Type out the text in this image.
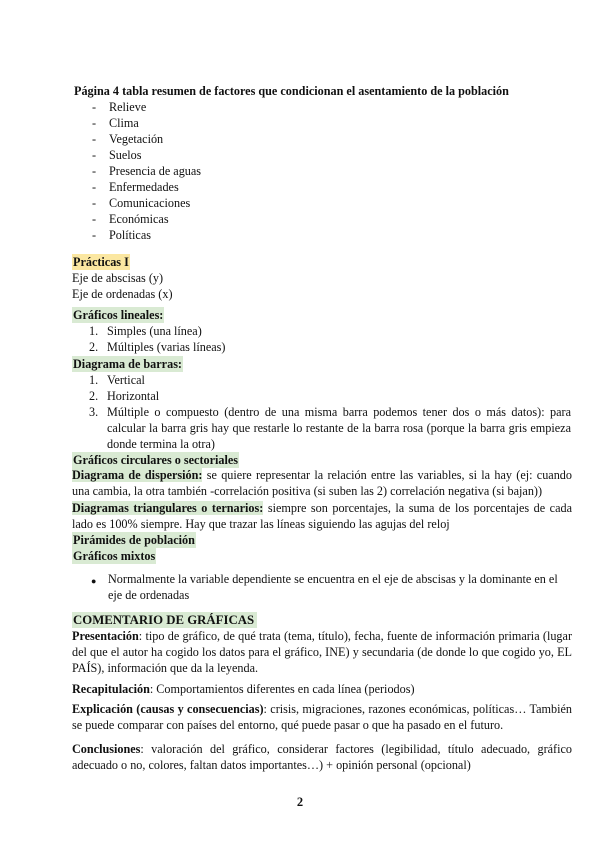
Página 4 tabla resumen de factores que condicionan el asentamiento de la población
- Relieve
- Clima
- Vegetación
- Suelos
- Presencia de aguas
- Enfermedades
- Comunicaciones
- Económicas
- Políticas
Prácticas I
Eje de abscisas (y)
Eje de ordenadas (x)
Gráficos lineales:
1. Simples (una línea)
2. Múltiples (varias líneas)
Diagrama de barras:
1. Vertical
2. Horizontal
3. Múltiple o compuesto (dentro de una misma barra podemos tener dos o más datos): para calcular la barra gris hay que restarle lo restante de la barra rosa (porque la barra gris empieza donde termina la otra)
Gráficos circulares o sectoriales
Diagrama de dispersión: se quiere representar la relación entre las variables, si la hay (ej: cuando una cambia, la otra también -correlación positiva (si suben las 2) correlación negativa (si bajan))
Diagramas triangulares o ternarios: siempre son porcentajes, la suma de los porcentajes de cada lado es 100% siempre. Hay que trazar las líneas siguiendo las agujas del reloj
Pirámides de población
Gráficos mixtos
● Normalmente la variable dependiente se encuentra en el eje de abscisas y la dominante en el eje de ordenadas
COMENTARIO DE GRÁFICAS
Presentación: tipo de gráfico, de qué trata (tema, título), fecha, fuente de información primaria (lugar del que el autor ha cogido los datos para el gráfico, INE) y secundaria (de donde lo que cogido yo, EL PAÍS), información que da la leyenda.
Recapitulación: Comportamientos diferentes en cada línea (periodos)
Explicación (causas y consecuencias): crisis, migraciones, razones económicas, políticas… También se puede comparar con países del entorno, qué puede pasar o que ha pasado en el futuro.
Conclusiones: valoración del gráfico, considerar factores (legibilidad, título adecuado, gráfico adecuado o no, colores, faltan datos importantes…) + opinión personal (opcional)
2
